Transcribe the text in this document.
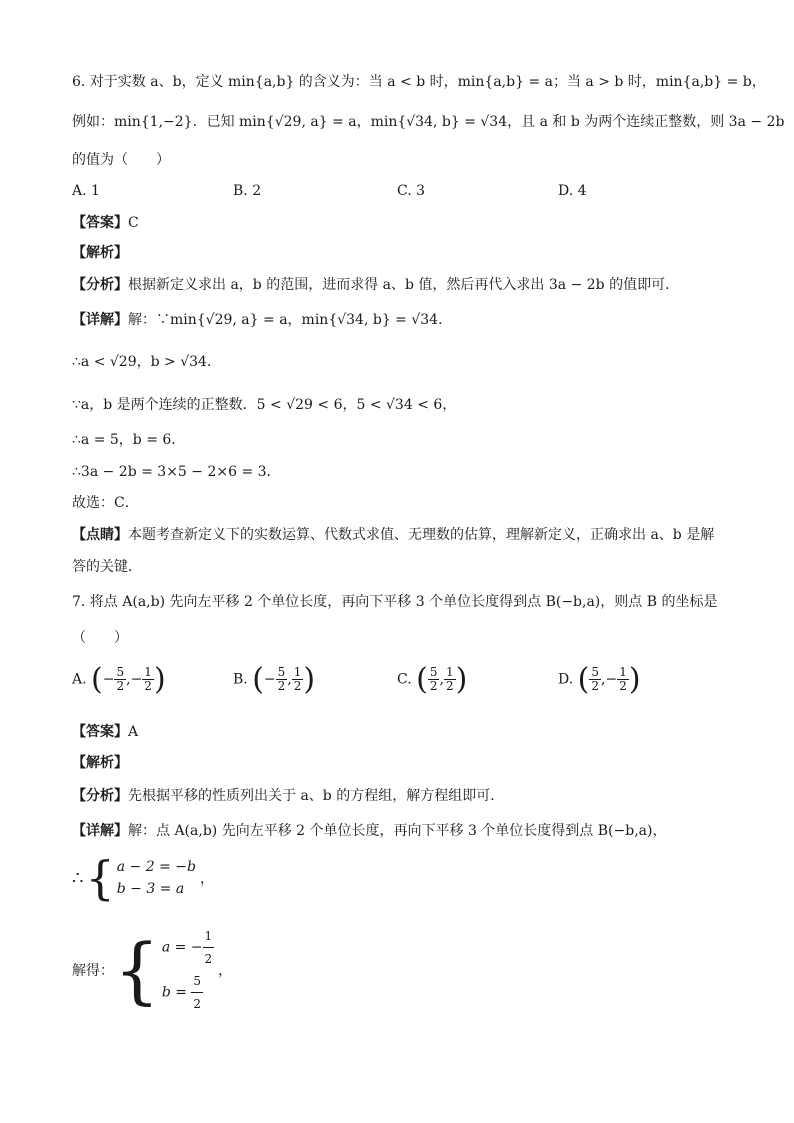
6. 对于实数 a、b，定义 min{a,b} 的含义为：当 a < b 时，min{a,b} = a；当 a > b 时，min{a,b} = b，
例如：min{1,−2}．已知 min{√29, a} = a，min{√34, b} = √34，且 a 和 b 为两个连续正整数，则 3a − 2b
的值为（　　）
A. 1	B. 2	C. 3	D. 4
【答案】C
【解析】
【分析】根据新定义求出 a，b 的范围，进而求得 a、b 值，然后再代入求出 3a − 2b 的值即可．
【详解】解：∵min{√29, a} = a，min{√34, b} = √34．
∴a < √29，b > √34．
∵a，b 是两个连续的正整数．5 < √29 < 6，5 < √34 < 6，
∴a = 5，b = 6．
∴3a − 2b = 3×5 − 2×6 = 3．
故选：C．
【点睛】本题考查新定义下的实数运算、代数式求值、无理数的估算，理解新定义，正确求出 a、b 是解
答的关键．
7. 将点 A(a,b) 先向左平移 2 个单位长度，再向下平移 3 个单位长度得到点 B(−b,a)，则点 B 的坐标是
（　　）
A. (− $\frac{5}{2}$ ,− $\frac{1}{2}$ )	B. (− $\frac{5}{2}$ , $\frac{1}{2}$ )	C. ( $\frac{5}{2}$ , $\frac{1}{2}$ )	D. ( $\frac{5}{2}$ ,− $\frac{1}{2}$ )
【答案】A
【解析】
【分析】先根据平移的性质列出关于 a、b 的方程组，解方程组即可．
【详解】解：点 A(a,b) 先向左平移 2 个单位长度，再向下平移 3 个单位长度得到点 B(−b,a)，
∴ { a − 2 = −b
b − 3 = a
，
解得： { a = − $\frac{1}{2}$
$b = \frac{5}{2}$ ，
